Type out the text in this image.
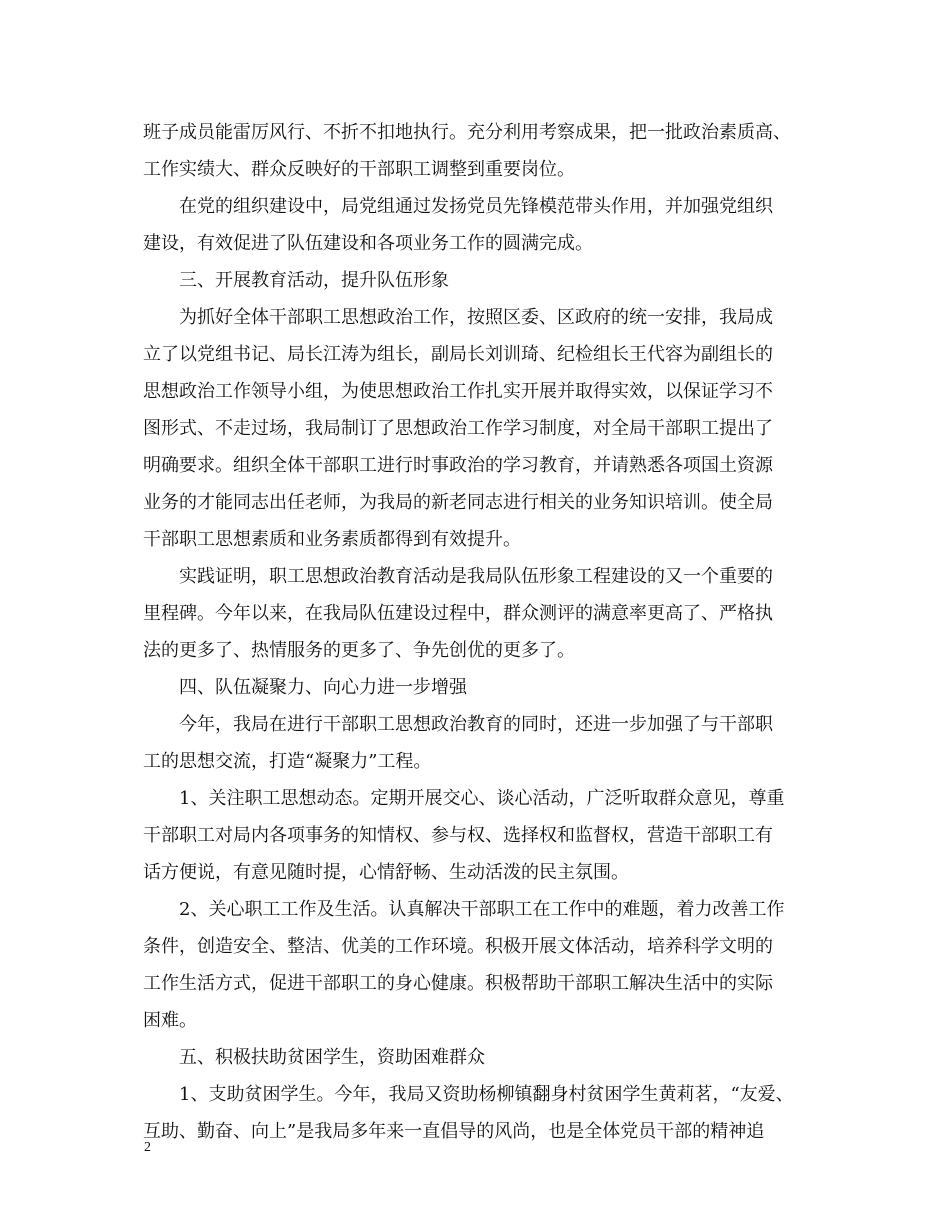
班子成员能雷厉风行、不折不扣地执行。充分利用考察成果，把一批政治素质高、
工作实绩大、群众反映好的干部职工调整到重要岗位。
在党的组织建设中，局党组通过发扬党员先锋模范带头作用，并加强党组织
建设，有效促进了队伍建设和各项业务工作的圆满完成。
三、开展教育活动，提升队伍形象
为抓好全体干部职工思想政治工作，按照区委、区政府的统一安排，我局成
立了以党组书记、局长江涛为组长，副局长刘训琦、纪检组长王代容为副组长的
思想政治工作领导小组，为使思想政治工作扎实开展并取得实效，以保证学习不
图形式、不走过场，我局制订了思想政治工作学习制度，对全局干部职工提出了
明确要求。组织全体干部职工进行时事政治的学习教育，并请熟悉各项国土资源
业务的才能同志出任老师，为我局的新老同志进行相关的业务知识培训。使全局
干部职工思想素质和业务素质都得到有效提升。
实践证明，职工思想政治教育活动是我局队伍形象工程建设的又一个重要的
里程碑。今年以来，在我局队伍建设过程中，群众测评的满意率更高了、严格执
法的更多了、热情服务的更多了、争先创优的更多了。
四、队伍凝聚力、向心力进一步增强
今年，我局在进行干部职工思想政治教育的同时，还进一步加强了与干部职
工的思想交流，打造“凝聚力”工程。
1、关注职工思想动态。定期开展交心、谈心活动，广泛听取群众意见，尊重
干部职工对局内各项事务的知情权、参与权、选择权和监督权，营造干部职工有
话方便说，有意见随时提，心情舒畅、生动活泼的民主氛围。
2、关心职工工作及生活。认真解决干部职工在工作中的难题，着力改善工作
条件，创造安全、整洁、优美的工作环境。积极开展文体活动，培养科学文明的
工作生活方式，促进干部职工的身心健康。积极帮助干部职工解决生活中的实际
困难。
五、积极扶助贫困学生，资助困难群众
1、支助贫困学生。今年，我局又资助杨柳镇翻身村贫困学生黄莉茗，“友爱、
互助、勤奋、向上”是我局多年来一直倡导的风尚，也是全体党员干部的精神追
2
